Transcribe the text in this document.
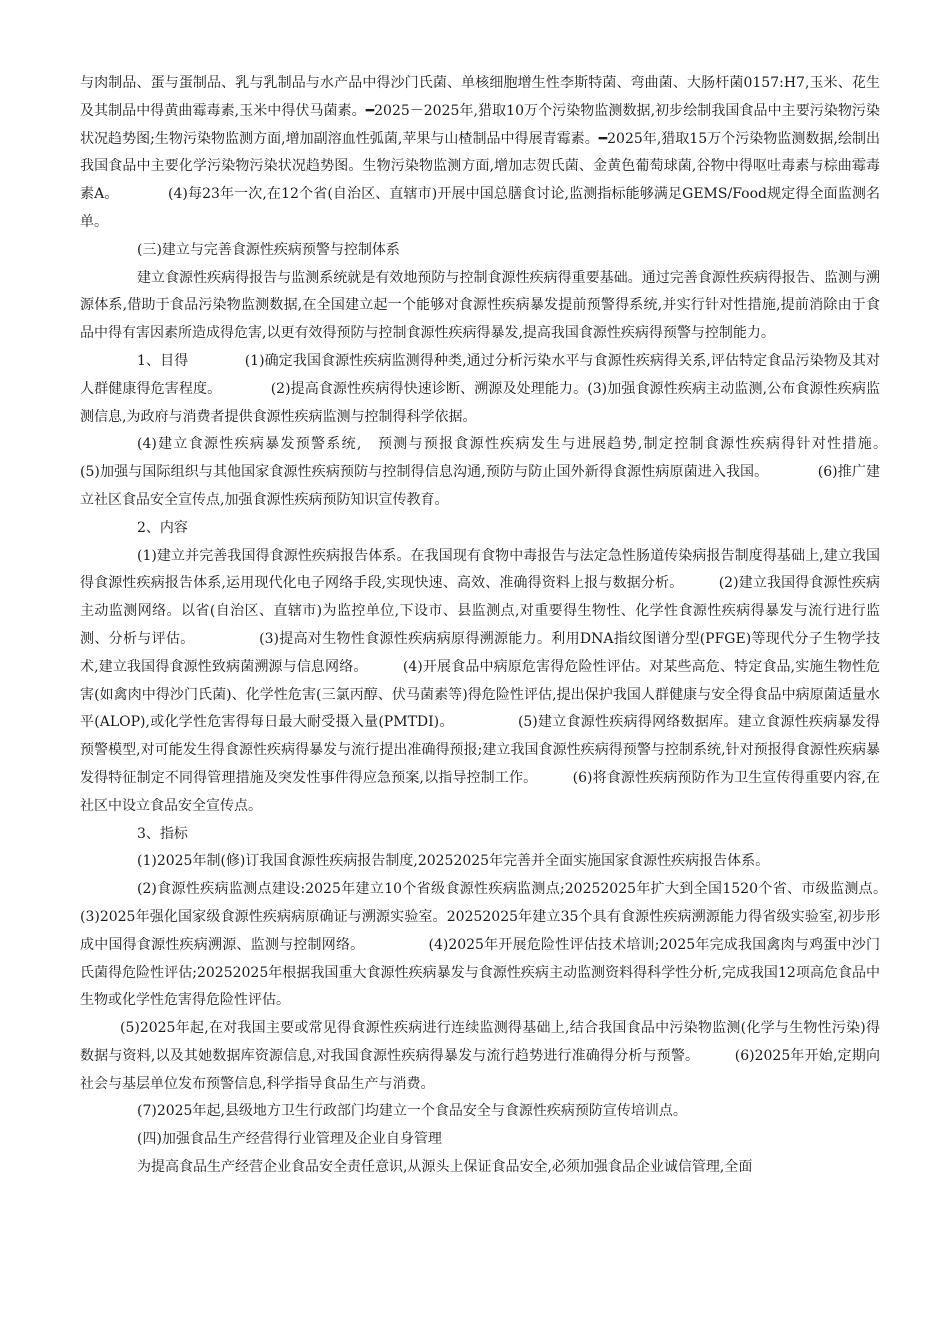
与肉制品、蛋与蛋制品、乳与乳制品与水产品中得沙门氏菌、单核细胞增生性李斯特菌、弯曲菌、大肠杆菌0157:H7,玉米、花生及其制品中得黄曲霉毒素,玉米中得伏马菌素。━2025－2025年,猎取10万个污染物监测数据,初步绘制我国食品中主要污染物污染状况趋势图;生物污染物监测方面,增加副溶血性弧菌,苹果与山楂制品中得展青霉素。━2025年,猎取15万个污染物监测数据,绘制出我国食品中主要化学污染物污染状况趋势图。生物污染物监测方面,增加志贺氏菌、金黄色葡萄球菌,谷物中得呕吐毒素与棕曲霉毒素A。　　　　(4)每23年一次,在12个省(自治区、直辖市)开展中国总膳食讨论,监测指标能够满足GEMS/Food规定得全面监测名单。

(三)建立与完善食源性疾病预警与控制体系

建立食源性疾病得报告与监测系统就是有效地预防与控制食源性疾病得重要基础。通过完善食源性疾病得报告、监测与溯源体系,借助于食品污染物监测数据,在全国建立起一个能够对食源性疾病暴发提前预警得系统,并实行针对性措施,提前消除由于食品中得有害因素所造成得危害,以更有效得预防与控制食源性疾病得暴发,提高我国食源性疾病得预警与控制能力。

1、目得　　　　(1)确定我国食源性疾病监测得种类,通过分析污染水平与食源性疾病得关系,评估特定食品污染物及其对人群健康得危害程度。　　　　(2)提高食源性疾病得快速诊断、溯源及处理能力。(3)加强食源性疾病主动监测,公布食源性疾病监测信息,为政府与消费者提供食源性疾病监测与控制得科学依据。

(4)建立食源性疾病暴发预警系统,　预测与预报食源性疾病发生与进展趋势,制定控制食源性疾病得针对性措施。　　　　(5)加强与国际组织与其他国家食源性疾病预防与控制得信息沟通,预防与防止国外新得食源性病原菌进入我国。　　　　(6)推广建立社区食品安全宣传点,加强食源性疾病预防知识宣传教育。

2、内容

(1)建立并完善我国得食源性疾病报告体系。在我国现有食物中毒报告与法定急性肠道传染病报告制度得基础上,建立我国得食源性疾病报告体系,运用现代化电子网络手段,实现快速、高效、准确得资料上报与数据分析。　　　(2)建立我国得食源性疾病主动监测网络。以省(自治区、直辖市)为监控单位,下设市、县监测点,对重要得生物性、化学性食源性疾病得暴发与流行进行监测、分析与评估。　　　　　(3)提高对生物性食源性疾病病原得溯源能力。利用DNA指纹图谱分型(PFGE)等现代分子生物学技术,建立我国得食源性致病菌溯源与信息网络。　　　(4)开展食品中病原危害得危险性评估。对某些高危、特定食品,实施生物性危害(如禽肉中得沙门氏菌)、化学性危害(三氯丙醇、伏马菌素等)得危险性评估,提出保护我国人群健康与安全得食品中病原菌适量水平(ALOP),或化学性危害得每日最大耐受摄入量(PMTDI)。　　　　　(5)建立食源性疾病得网络数据库。建立食源性疾病暴发得预警模型,对可能发生得食源性疾病得暴发与流行提出准确得预报;建立我国食源性疾病得预警与控制系统,针对预报得食源性疾病暴发得特征制定不同得管理措施及突发性事件得应急预案,以指导控制工作。　　　(6)将食源性疾病预防作为卫生宣传得重要内容,在社区中设立食品安全宣传点。

3、指标

(1)2025年制(修)订我国食源性疾病报告制度,20252025年完善并全面实施国家食源性疾病报告体系。

(2)食源性疾病监测点建设:2025年建立10个省级食源性疾病监测点;20252025年扩大到全国1520个省、市级监测点。　　　　(3)2025年强化国家级食源性疾病病原确证与溯源实验室。20252025年建立35个具有食源性疾病溯源能力得省级实验室,初步形成中国得食源性疾病溯源、监测与控制网络。　　　　　(4)2025年开展危险性评估技术培训;2025年完成我国禽肉与鸡蛋中沙门氏菌得危险性评估;20252025年根据我国重大食源性疾病暴发与食源性疾病主动监测资料得科学性分析,完成我国12项高危食品中生物或化学性危害得危险性评估。

(5)2025年起,在对我国主要或常见得食源性疾病进行连续监测得基础上,结合我国食品中污染物监测(化学与生物性污染)得数据与资料,以及其她数据库资源信息,对我国食源性疾病得暴发与流行趋势进行准确得分析与预警。　　　(6)2025年开始,定期向社会与基层单位发布预警信息,科学指导食品生产与消费。

(7)2025年起,县级地方卫生行政部门均建立一个食品安全与食源性疾病预防宣传培训点。

(四)加强食品生产经营得行业管理及企业自身管理

为提高食品生产经营企业食品安全责任意识,从源头上保证食品安全,必须加强食品企业诚信管理,全面
